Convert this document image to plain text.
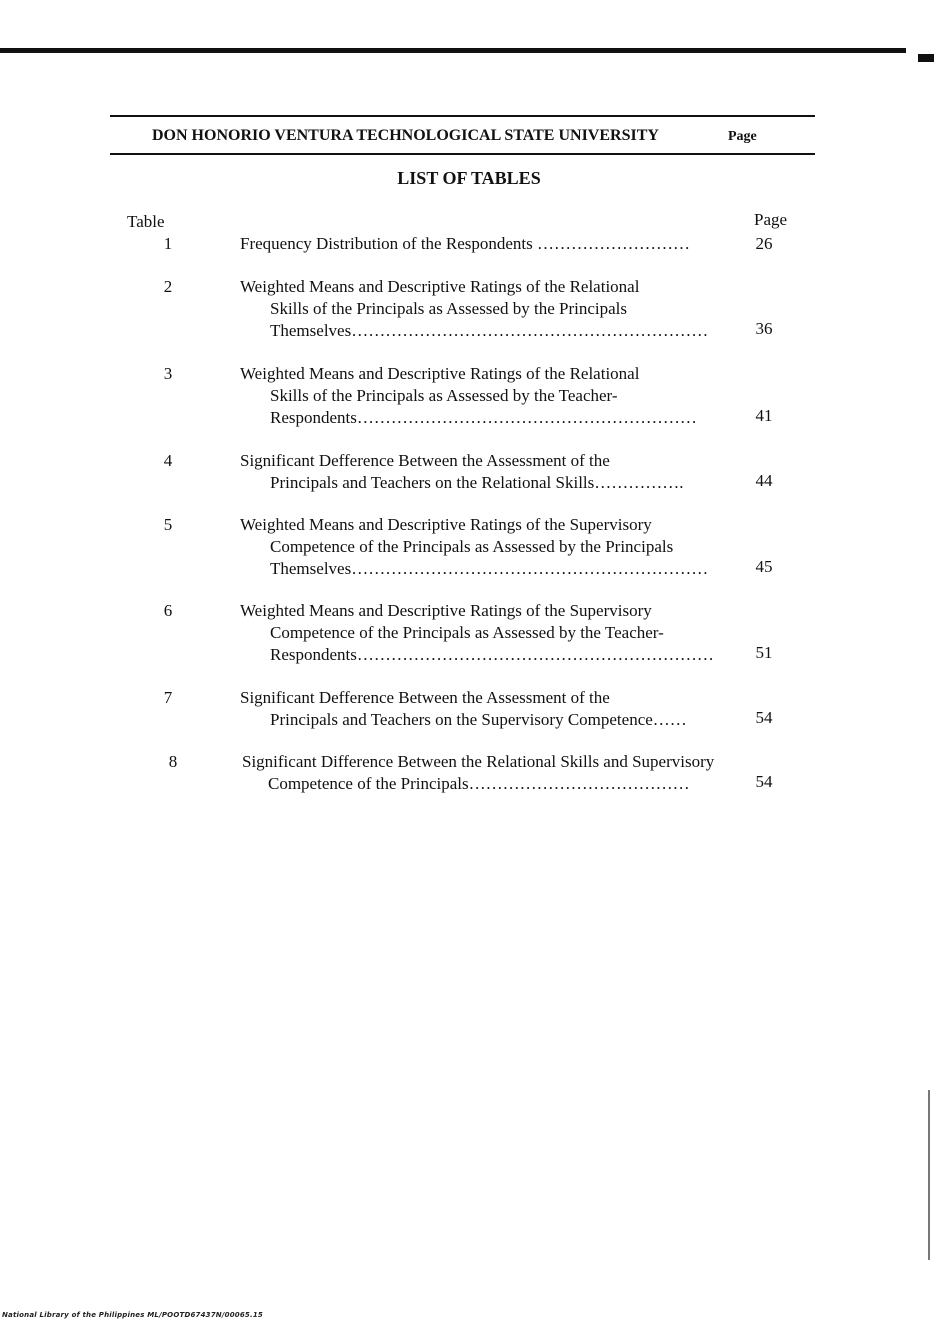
DON HONORIO VENTURA TECHNOLOGICAL STATE UNIVERSITY	Page
LIST OF TABLES
Table	Page
1	Frequency Distribution of the Respondents ………………………	26
2	Weighted Means and Descriptive Ratings of the Relational
Skills of the Principals as Assessed by the Principals
Themselves………………………………………………………	36
3	Weighted Means and Descriptive Ratings of the Relational
Skills of the Principals as Assessed by the Teacher-
Respondents……………………………………………………	41
4	Significant Defference Between the Assessment of the
Principals and Teachers on the Relational Skills…………….	44
5	Weighted Means and Descriptive Ratings of the Supervisory
Competence of the Principals as Assessed by the Principals
Themselves………………………………………………………	45
6	Weighted Means and Descriptive Ratings of the Supervisory
Competence of the Principals as Assessed by the Teacher-
Respondents………………………………………………………	51
7	Significant Defference Between the Assessment of the
Principals and Teachers on the Supervisory Competence……	54
8	Significant Difference Between the Relational Skills and Supervisory
Competence of the Principals…………………………………	54
National Library of the Philippines ML/POOTD67437N/00065.15
